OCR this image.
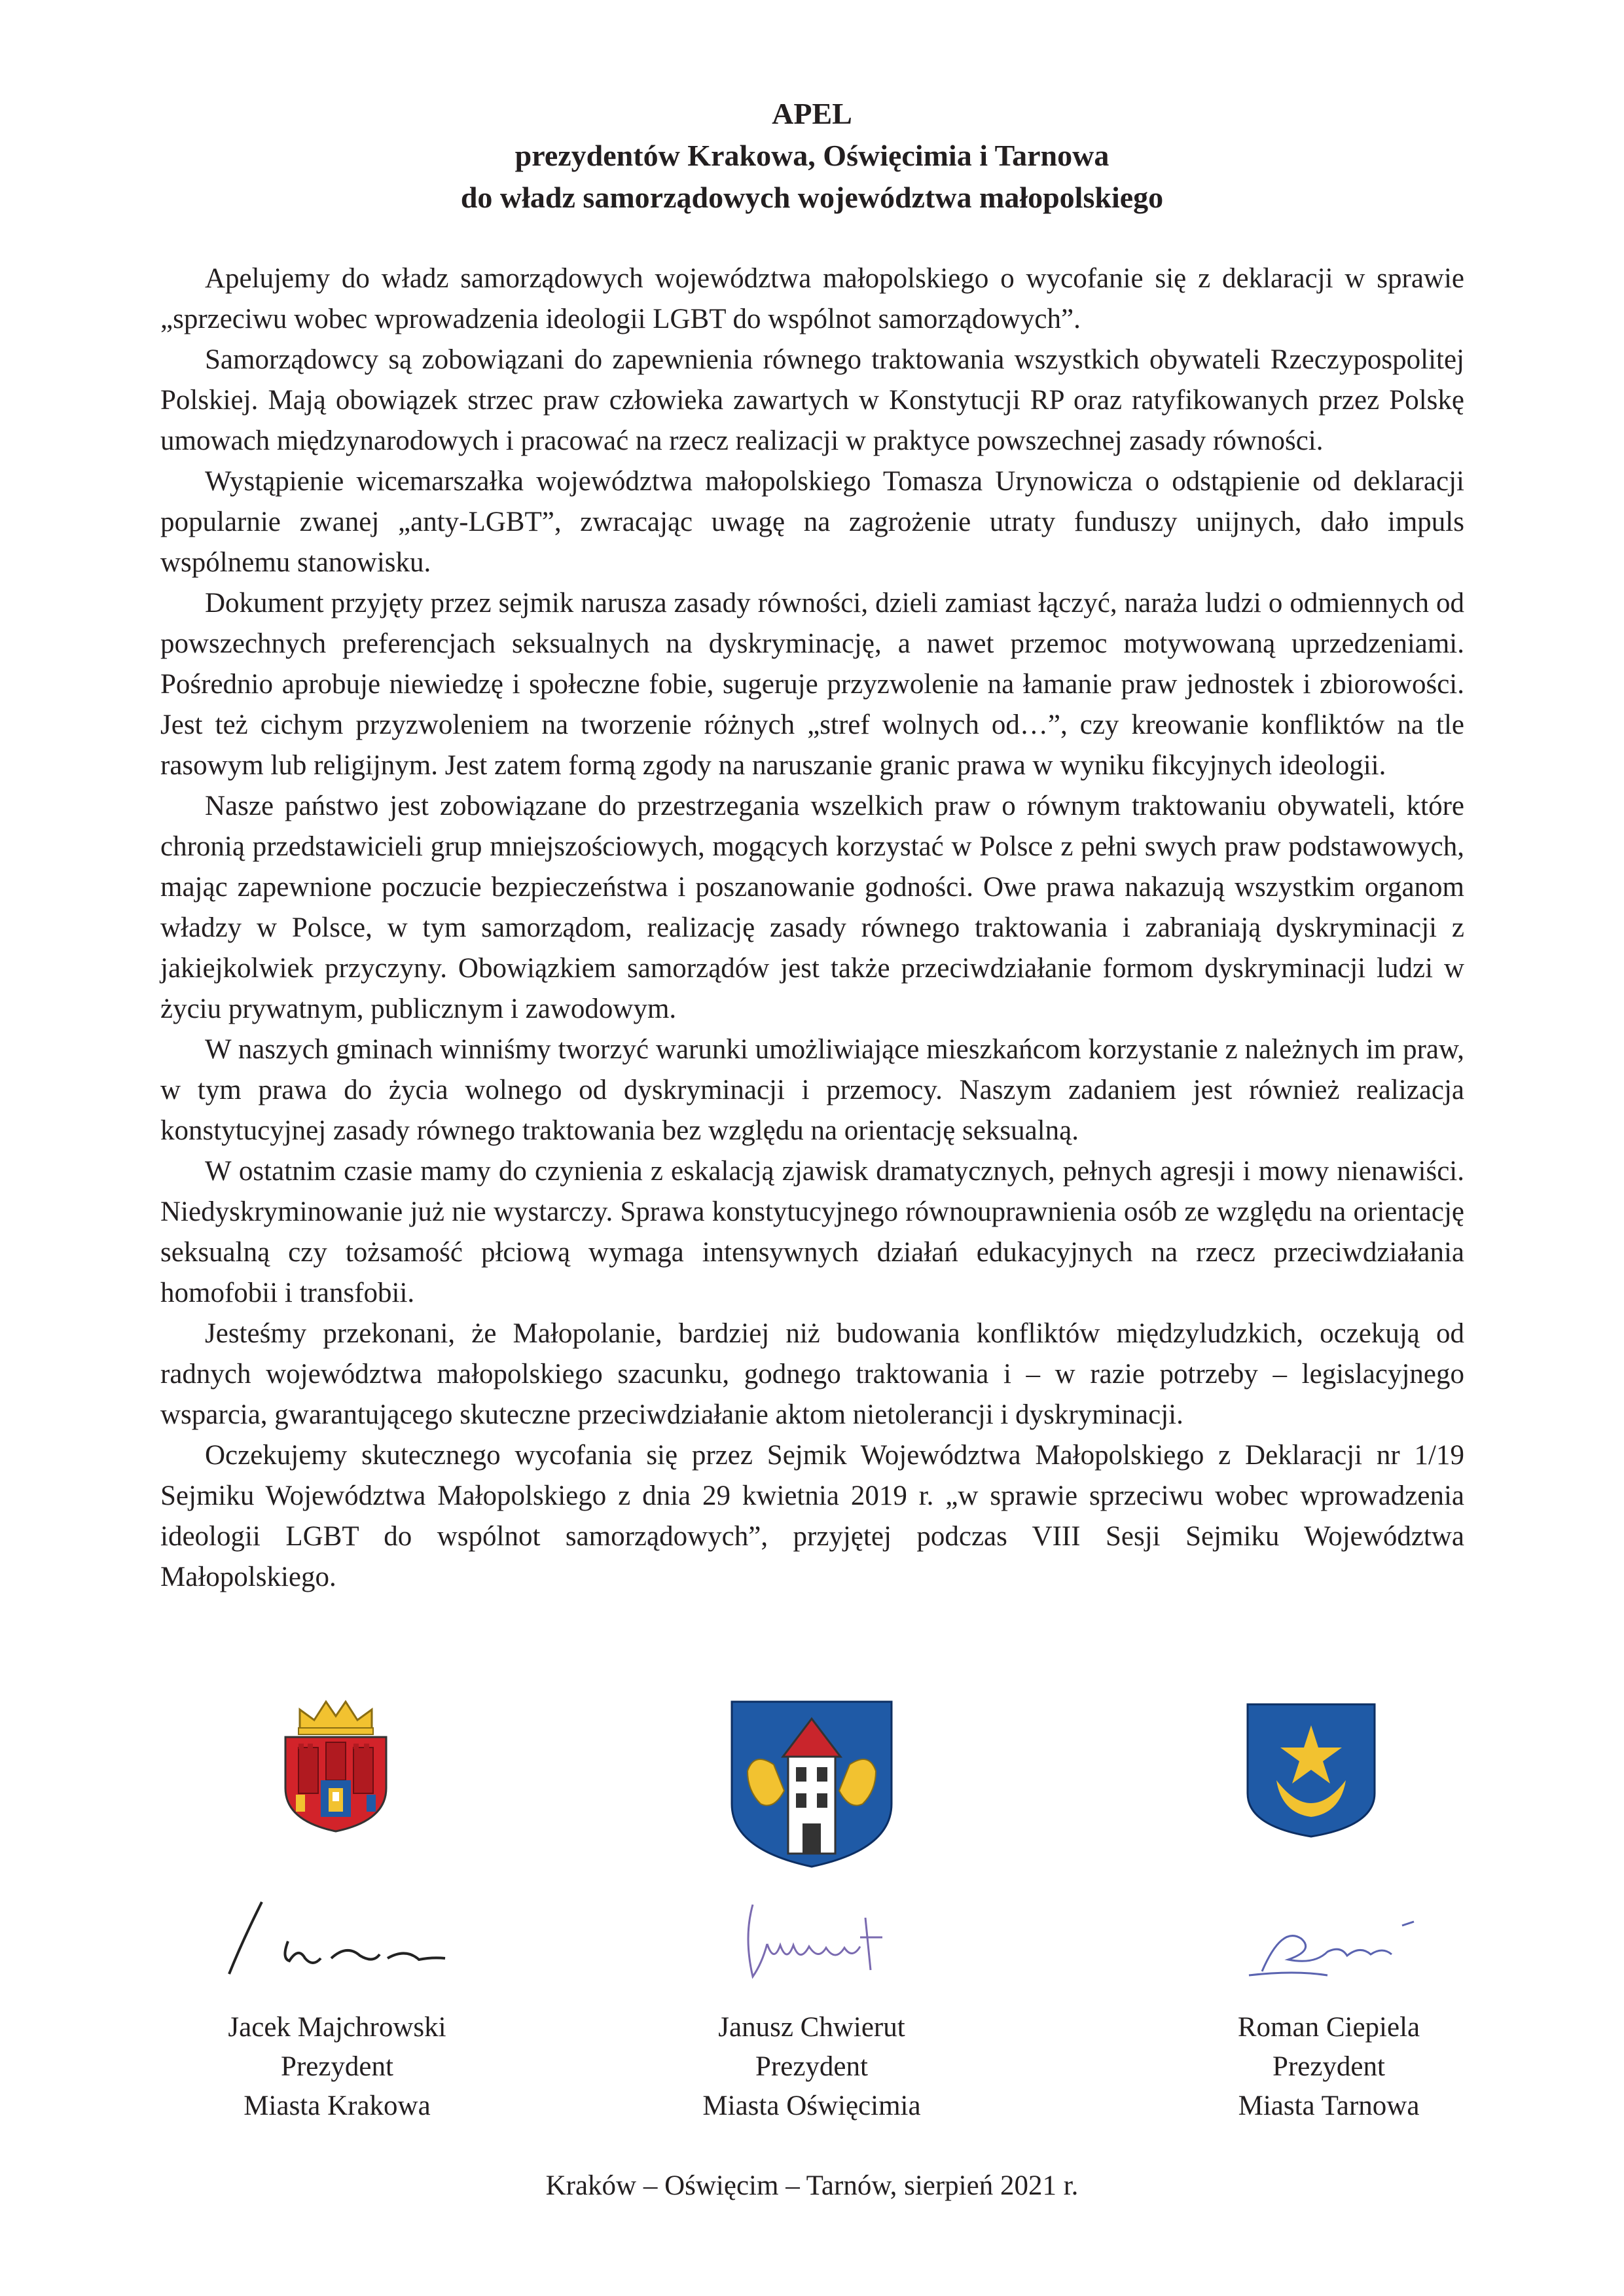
APEL
prezydentów Krakowa, Oświęcimia i Tarnowa
do władz samorządowych województwa małopolskiego

Apelujemy do władz samorządowych województwa małopolskiego o wycofanie się z deklaracji w sprawie „sprzeciwu wobec wprowadzenia ideologii LGBT do wspólnot samorządowych”.

Samorządowcy są zobowiązani do zapewnienia równego traktowania wszystkich obywateli Rzeczypospolitej Polskiej. Mają obowiązek strzec praw człowieka zawartych w Konstytucji RP oraz ratyfikowanych przez Polskę umowach międzynarodowych i pracować na rzecz realizacji w praktyce powszechnej zasady równości.

Wystąpienie wicemarszałka województwa małopolskiego Tomasza Urynowicza o odstąpienie od deklaracji popularnie zwanej „anty-LGBT”, zwracając uwagę na zagrożenie utraty funduszy unijnych, dało impuls wspólnemu stanowisku.

Dokument przyjęty przez sejmik narusza zasady równości, dzieli zamiast łączyć, naraża ludzi o odmiennych od powszechnych preferencjach seksualnych na dyskryminację, a nawet przemoc motywowaną uprzedzeniami. Pośrednio aprobuje niewiedzę i społeczne fobie, sugeruje przyzwolenie na łamanie praw jednostek i zbiorowości. Jest też cichym przyzwoleniem na tworzenie różnych „stref wolnych od…”, czy kreowanie konfliktów na tle rasowym lub religijnym. Jest zatem formą zgody na naruszanie granic prawa w wyniku fikcyjnych ideologii.

Nasze państwo jest zobowiązane do przestrzegania wszelkich praw o równym traktowaniu obywateli, które chronią przedstawicieli grup mniejszościowych, mogących korzystać w Polsce z pełni swych praw podstawowych, mając zapewnione poczucie bezpieczeństwa i poszanowanie godności. Owe prawa nakazują wszystkim organom władzy w Polsce, w tym samorządom, realizację zasady równego traktowania i zabraniają dyskryminacji z jakiejkolwiek przyczyny. Obowiązkiem samorządów jest także przeciwdziałanie formom dyskryminacji ludzi w życiu prywatnym, publicznym i zawodowym.

W naszych gminach winniśmy tworzyć warunki umożliwiające mieszkańcom korzystanie z należnych im praw, w tym prawa do życia wolnego od dyskryminacji i przemocy. Naszym zadaniem jest również realizacja konstytucyjnej zasady równego traktowania bez względu na orientację seksualną.

W ostatnim czasie mamy do czynienia z eskalacją zjawisk dramatycznych, pełnych agresji i mowy nienawiści. Niedyskryminowanie już nie wystarczy. Sprawa konstytucyjnego równouprawnienia osób ze względu na orientację seksualną czy tożsamość płciową wymaga intensywnych działań edukacyjnych na rzecz przeciwdziałania homofobii i transfobii.

Jesteśmy przekonani, że Małopolanie, bardziej niż budowania konfliktów międzyludzkich, oczekują od radnych województwa małopolskiego szacunku, godnego traktowania i – w razie potrzeby – legislacyjnego wsparcia, gwarantującego skuteczne przeciwdziałanie aktom nietolerancji i dyskryminacji.

Oczekujemy skutecznego wycofania się przez Sejmik Województwa Małopolskiego z Deklaracji nr 1/19 Sejmiku Województwa Małopolskiego z dnia 29 kwietnia 2019 r. „w sprawie sprzeciwu wobec wprowadzenia ideologii LGBT do wspólnot samorządowych”, przyjętej podczas VIII Sesji Sejmiku Województwa Małopolskiego.

Jacek Majchrowski
Prezydent
Miasta Krakowa
Janusz Chwierut
Prezydent
Miasta Oświęcimia
Roman Ciepiela
Prezydent
Miasta Tarnowa
Kraków – Oświęcim – Tarnów, sierpień 2021 r.
